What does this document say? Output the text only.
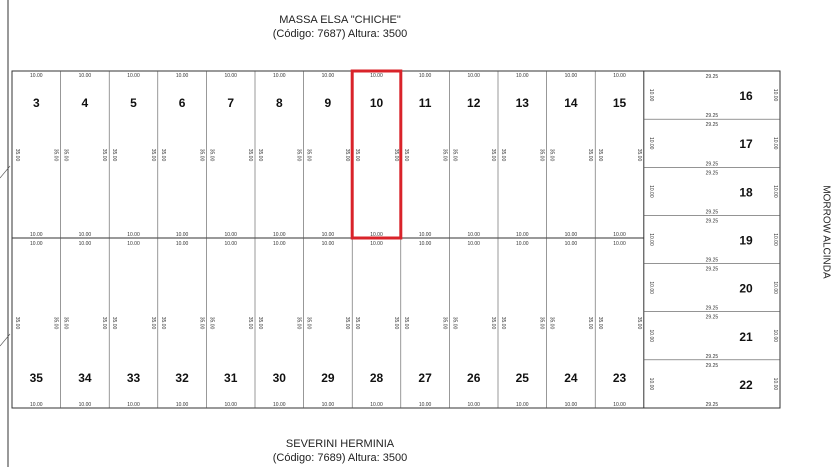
MASSA ELSA "CHICHE"
(Código: 7687) Altura: 3500
SEVERINI HERMINIA
(Código: 7689) Altura: 3500
MORROW ALCINDA
10.00
10.00
10.00
10.00
35.00	35.00
35.00	35.00
10.00
10.00
10.00
10.00
35.00	35.00
35.00	35.00
10.00
10.00
10.00
10.00
35.00	35.00
35.00	35.00
10.00
10.00
10.00
10.00
35.00	35.00
35.00	35.00
10.00
10.00
10.00
10.00
35.00	35.00
35.00	35.00
10.00
10.00
10.00
10.00
35.00	35.00
35.00	35.00
10.00
10.00
10.00
10.00
35.00	35.00
35.00	35.00
10.00
10.00
10.00
10.00
35.00	35.00
35.00	35.00
10.00
10.00
10.00
10.00
35.00	35.00
35.00	35.00
10.00
10.00
10.00
10.00
35.00	35.00
35.00	35.00
10.00
10.00
10.00
10.00
35.00	35.00
35.00	35.00
10.00
10.00
10.00
10.00
35.00	35.00
35.00	35.00
10.00
10.00
10.00
10.00
35.00	35.00
35.00	35.00
29.25
29.25
10.00	10.00
29.25
29.25
10.00	10.00
29.25
29.25
10.00	10.00
29.25
29.25
10.00	10.00
29.25
29.25
10.00	10.00
29.25
29.25
10.00	10.00
29.25
29.25
10.00	10.00
3	4	5	6	7	8	9	10	11	12	13	14	15
35	34	33	32	31	30	29	28	27	26	25	24	23
16
17
18
19
20
21
22
